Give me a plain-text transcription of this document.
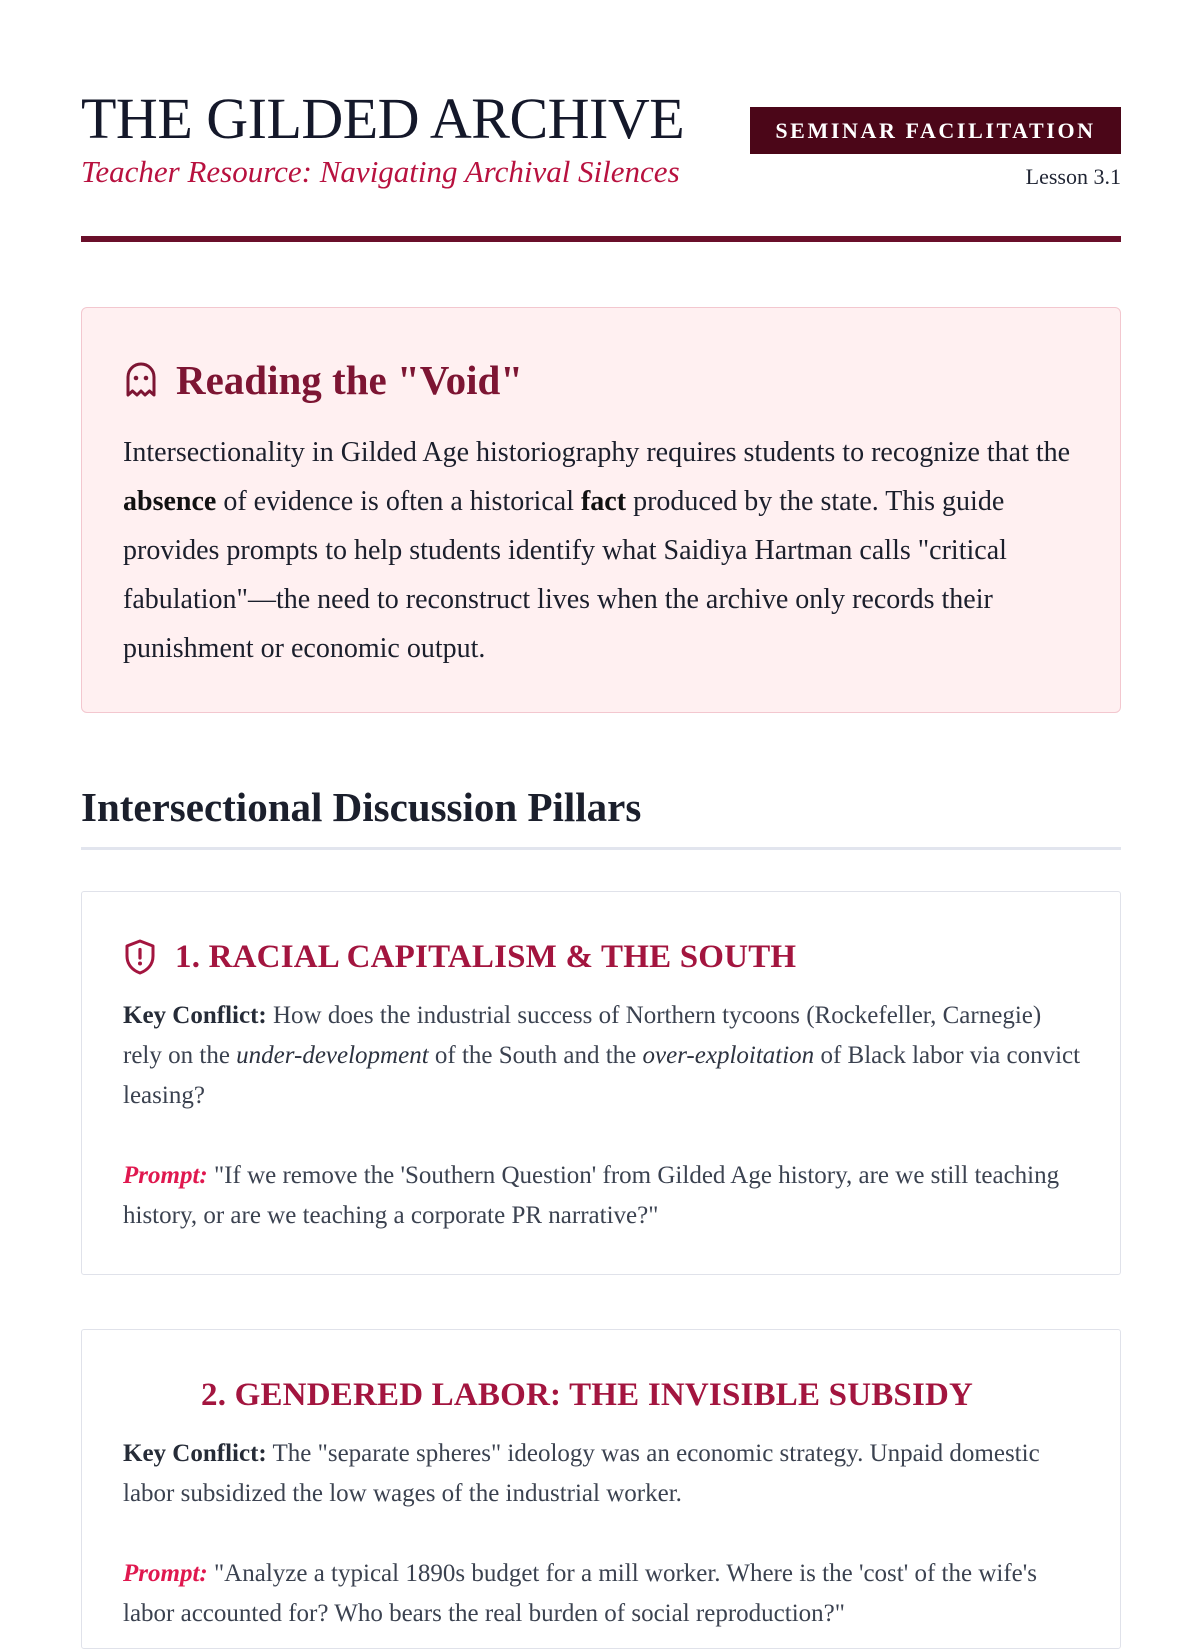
THE GILDED ARCHIVE
Teacher Resource: Navigating Archival Silences
SEMINAR FACILITATION
Lesson 3.1
Reading the "Void"

Intersectionality in Gilded Age historiography requires students to recognize that the absence of evidence is often a historical fact produced by the state. This guide provides prompts to help students identify what Saidiya Hartman calls "critical fabulation"—the need to reconstruct lives when the archive only records their punishment or economic output.

Intersectional Discussion Pillars
1. RACIAL CAPITALISM & THE SOUTH

Key Conflict: How does the industrial success of Northern tycoons (Rockefeller, Carnegie) rely on the under-development of the South and the over-exploitation of Black labor via convict leasing?

Prompt: "If we remove the 'Southern Question' from Gilded Age history, are we still teaching history, or are we teaching a corporate PR narrative?"

2. GENDERED LABOR: THE INVISIBLE SUBSIDY

Key Conflict: The "separate spheres" ideology was an economic strategy. Unpaid domestic labor subsidized the low wages of the industrial worker.

Prompt: "Analyze a typical 1890s budget for a mill worker. Where is the 'cost' of the wife's labor accounted for? Who bears the real burden of social reproduction?"
